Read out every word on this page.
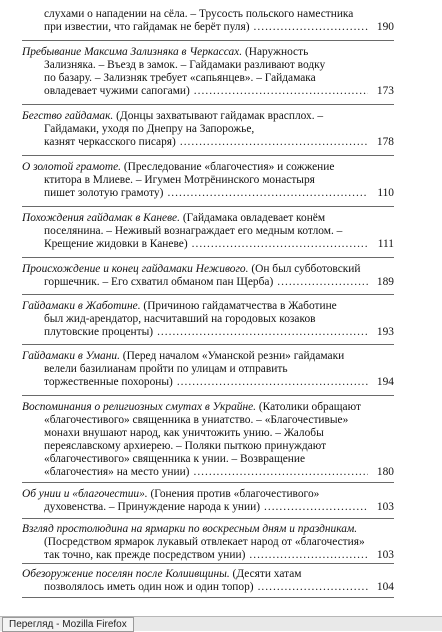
слухами о нападении на сёла. – Трусость польского наместника
при известии, что гайдамак не берёт пуля) .....	190
Пребывание Максима Зализняка в Черкассах. (Наружность
Зализняка. – Въезд в замок. – Гайдамаки разливают водку
по базару. – Зализняк требует «сапьянцев». – Гайдамака
овладевает чужими сапогами) .....	173
Бегство гайдамак. (Донцы захватывают гайдамак врасплох. –
Гайдамаки, уходя по Днепру на Запорожье,
казнят черкасского писаря) .....	178
О золотой грамоте. (Преследование «благочестия» и сожжение
ктитора в Млиеве. – Игумен Мотрёнинского монастыря
пишет золотую грамоту) .....	110
Похождения гайдамак в Каневе. (Гайдамака овладевает конём
поселянина. – Неживый вознаграждает его медным котлом. –
Крещение жидовки в Каневе) .....	111
Происхождение и конец гайдамаки Неживого. (Он был субботовский
горшечник. – Его схватил обманом пан Щерба) .....	189
Гайдамаки в Жаботине. (Причиною гайдаматчества в Жаботине
был жид-арендатор, насчитавший на городовых козаков
плутовские проценты) .....	193
Гайдамаки в Умани. (Перед началом «Уманской резни» гайдамаки
велели базилианам пройти по улицам и отправить
торжественные похороны) .....	194
Воспоминания о религиозных смутах в Украйне. (Католики обращают
«благочестивого» священника в униатство. – «Благочестивые»
монахи внушают народ, как уничтожить унию. – Жалобы
переяславскому архиерею. – Поляки пыткою принуждают
«благочестивого» священника к унии. – Возвращение
«благочестия» на место унии) .....	180
Об унии и «благочестии». (Гонения против «благочестивого»
духовенства. – Принуждение народа к унии) .....	103
Взгляд простолюдина на ярмарки по воскресным дням и праздникам.
(Посредством ярмарок лукавый отвлекает народ от «благочестия»
так точно, как прежде посредством унии) .....	103
Обезоружение поселян после Колиивщины. (Десяти хатам
позволялось иметь один нож и один топор) .....	104
Перегляд - Mozilla Firefox
